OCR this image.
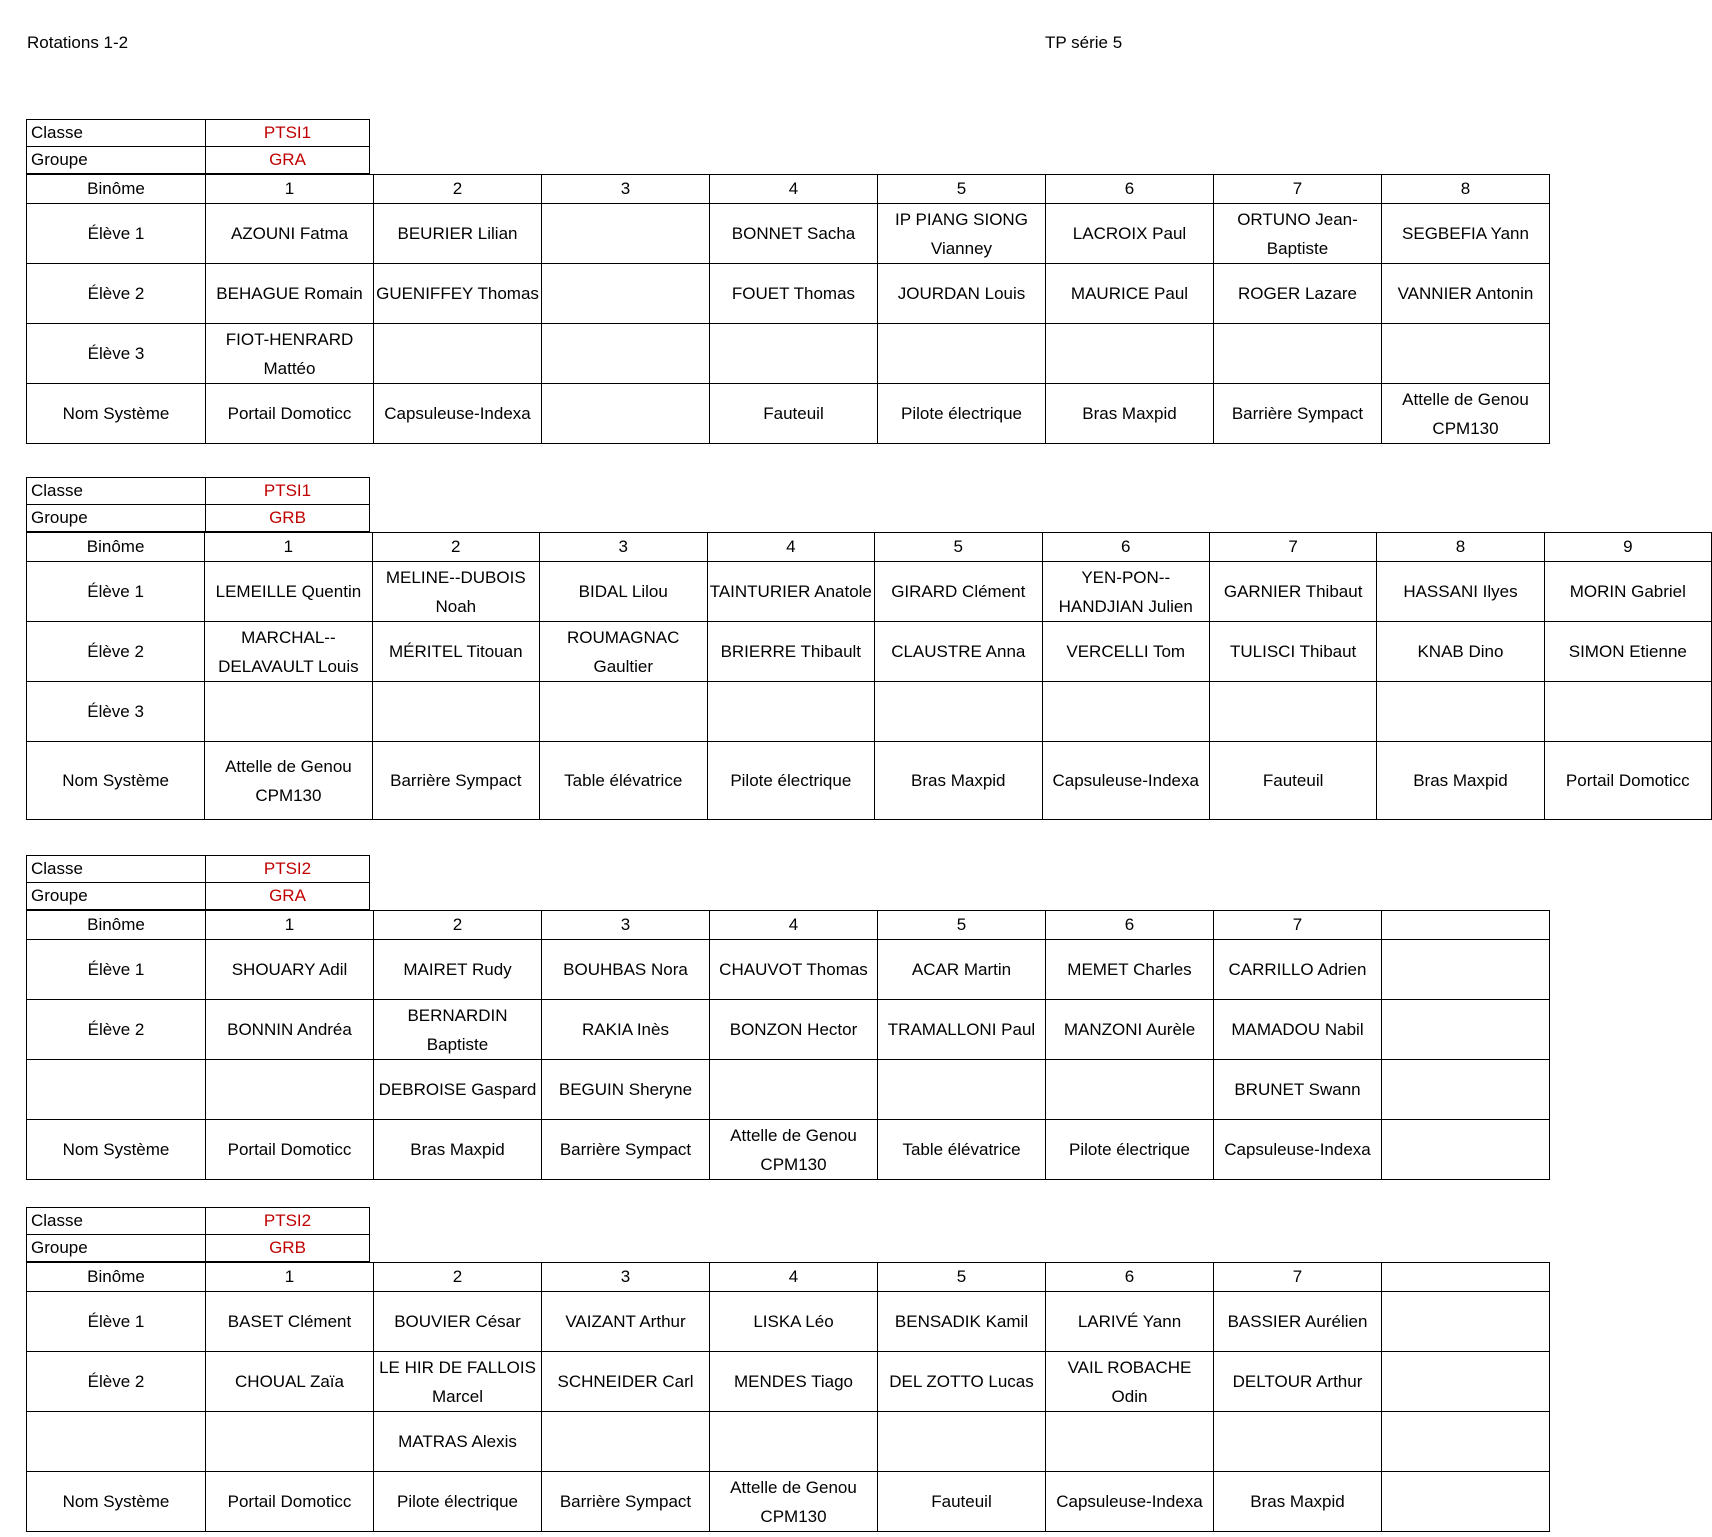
Rotations 1-2	TP série 5
Classe	PTSI1
Groupe	GRA
Binôme	1	2	3	4	5	6	7	8
Élève 1	AZOUNI Fatma	BEURIER Lilian		BONNET Sacha	IP PIANG SIONG Vianney	LACROIX Paul	ORTUNO Jean-Baptiste	SEGBEFIA Yann
Élève 2	BEHAGUE Romain	GUENIFFEY Thomas		FOUET Thomas	JOURDAN Louis	MAURICE Paul	ROGER Lazare	VANNIER Antonin
Élève 3	FIOT-HENRARD Mattéo							
Nom Système	Portail Domoticc	Capsuleuse-Indexa		Fauteuil	Pilote électrique	Bras Maxpid	Barrière Sympact	Attelle de Genou CPM130
Classe	PTSI1
Groupe	GRB
Binôme	1	2	3	4	5	6	7	8	9
Élève 1	LEMEILLE Quentin	MELINE--DUBOIS Noah	BIDAL Lilou	TAINTURIER Anatole	GIRARD Clément	YEN-PON--HANDJIAN Julien	GARNIER Thibaut	HASSANI Ilyes	MORIN Gabriel
Élève 2	MARCHAL--DELAVAULT Louis	MÉRITEL Titouan	ROUMAGNAC Gaultier	BRIERRE Thibault	CLAUSTRE Anna	VERCELLI Tom	TULISCI Thibaut	KNAB Dino	SIMON Etienne
Élève 3									
Nom Système	Attelle de Genou CPM130	Barrière Sympact	Table élévatrice	Pilote électrique	Bras Maxpid	Capsuleuse-Indexa	Fauteuil	Bras Maxpid	Portail Domoticc
Classe	PTSI2
Groupe	GRA
Binôme	1	2	3	4	5	6	7	
Élève 1	SHOUARY Adil	MAIRET Rudy	BOUHBAS Nora	CHAUVOT Thomas	ACAR Martin	MEMET Charles	CARRILLO Adrien	
Élève 2	BONNIN Andréa	BERNARDIN Baptiste	RAKIA Inès	BONZON Hector	TRAMALLONI Paul	MANZONI Aurèle	MAMADOU Nabil	
		DEBROISE Gaspard	BEGUIN Sheryne				BRUNET Swann	
Nom Système	Portail Domoticc	Bras Maxpid	Barrière Sympact	Attelle de Genou CPM130	Table élévatrice	Pilote électrique	Capsuleuse-Indexa	
Classe	PTSI2
Groupe	GRB
Binôme	1	2	3	4	5	6	7	
Élève 1	BASET Clément	BOUVIER César	VAIZANT Arthur	LISKA Léo	BENSADIK Kamil	LARIVÉ Yann	BASSIER Aurélien	
Élève 2	CHOUAL Zaïa	LE HIR DE FALLOIS Marcel	SCHNEIDER Carl	MENDES Tiago	DEL ZOTTO Lucas	VAIL ROBACHE Odin	DELTOUR Arthur	
		MATRAS Alexis						
Nom Système	Portail Domoticc	Pilote électrique	Barrière Sympact	Attelle de Genou CPM130	Fauteuil	Capsuleuse-Indexa	Bras Maxpid	
